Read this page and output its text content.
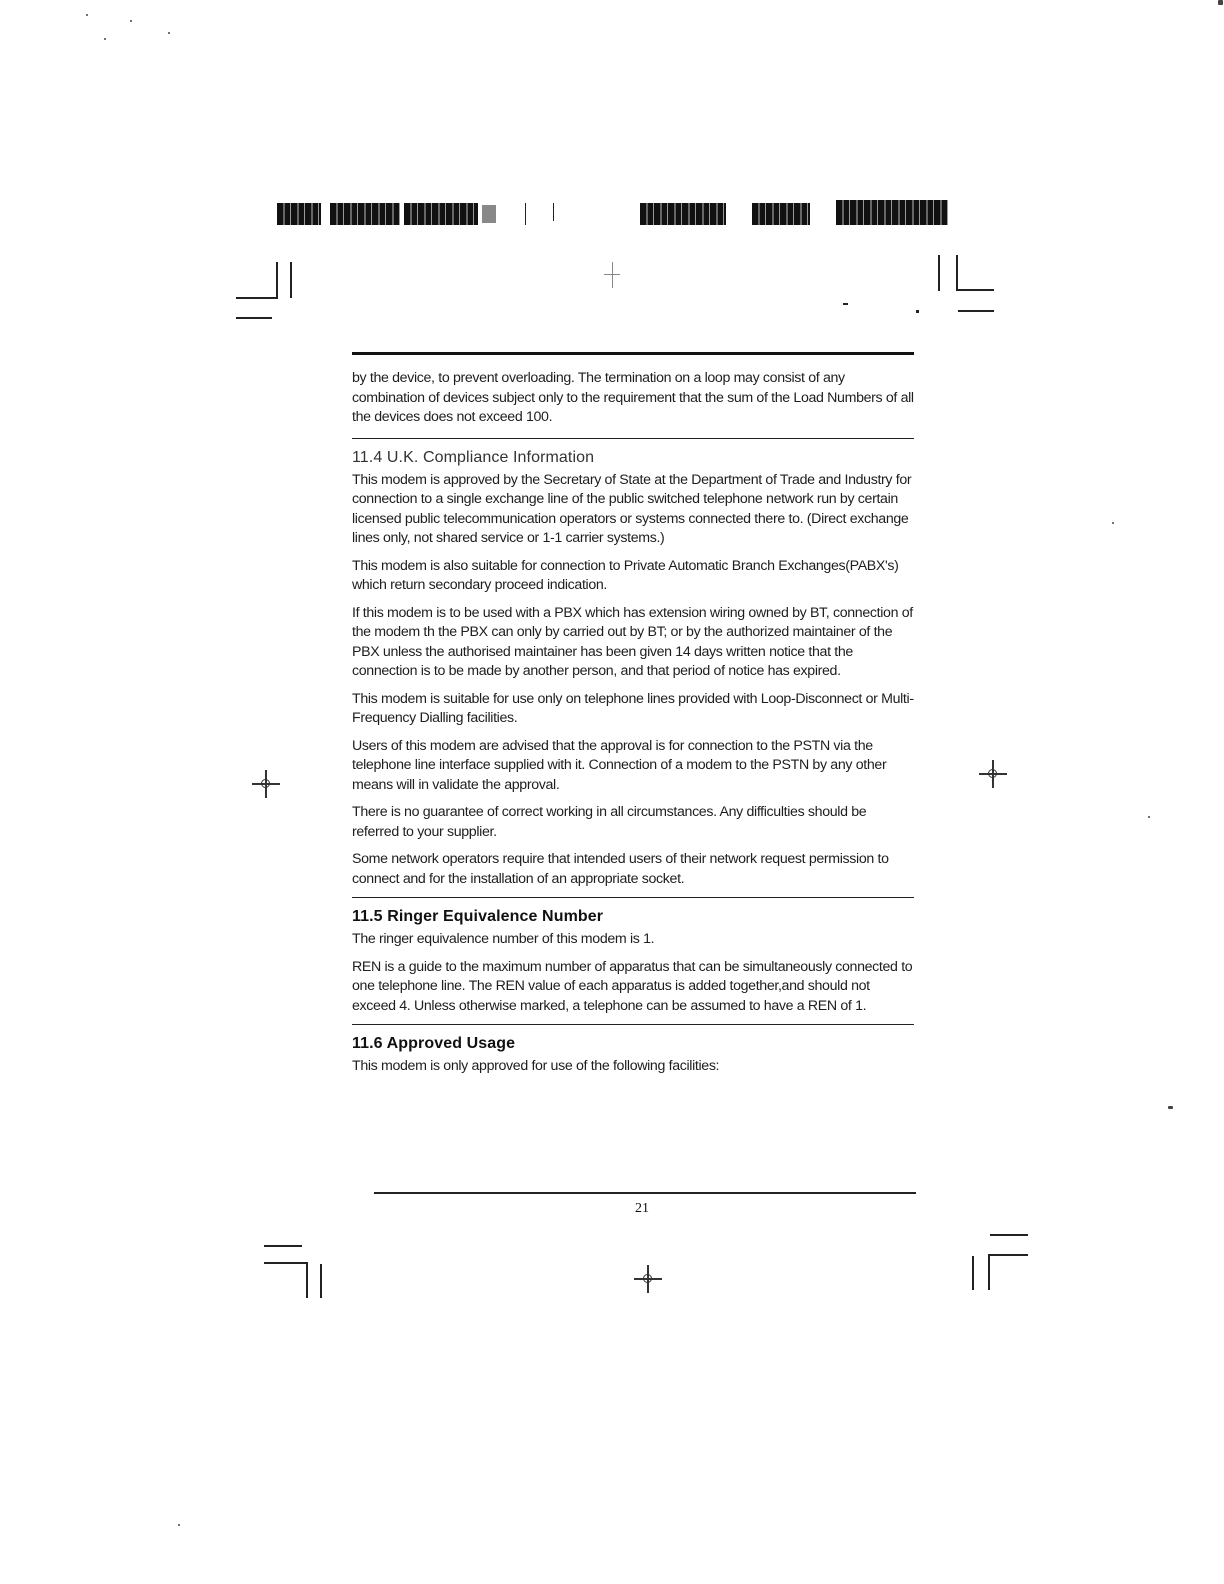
by the device, to prevent overloading. The termination on a loop may consist of any combination of devices subject only to the requirement that the sum of the Load Numbers of all the devices does not exceed 100.

11.4 U.K. Compliance Information

This modem is approved by the Secretary of State at the Department of Trade and Industry for connection to a single exchange line of the public switched telephone network run by certain licensed public telecommunication operators or systems connected there to. (Direct exchange lines only, not shared service or 1-1 carrier systems.)

This modem is also suitable for connection to Private Automatic Branch Exchanges(PABX's) which return secondary proceed indication.

If this modem is to be used with a PBX which has extension wiring owned by BT, connection of the modem th the PBX can only by carried out by BT; or by the authorized maintainer of the PBX unless the authorised maintainer has been given 14 days written notice that the connection is to be made by another person, and that period of notice has expired.

This modem is suitable for use only on telephone lines provided with Loop-Disconnect or Multi-Frequency Dialling facilities.

Users of this modem are advised that the approval is for connection to the PSTN via the telephone line interface supplied with it. Connection of a modem to the PSTN by any other means will in validate the approval.

There is no guarantee of correct working in all circumstances. Any difficulties should be referred to your supplier.

Some network operators require that intended users of their network request permission to connect and for the installation of an appropriate socket.

11.5 Ringer Equivalence Number

The ringer equivalence number of this modem is 1.

REN is a guide to the maximum number of apparatus that can be simultaneously connected to one telephone line. The REN value of each apparatus is added together,and should not exceed 4. Unless otherwise marked, a telephone can be assumed to have a REN of 1.

11.6 Approved Usage

This modem is only approved for use of the following facilities:

21
